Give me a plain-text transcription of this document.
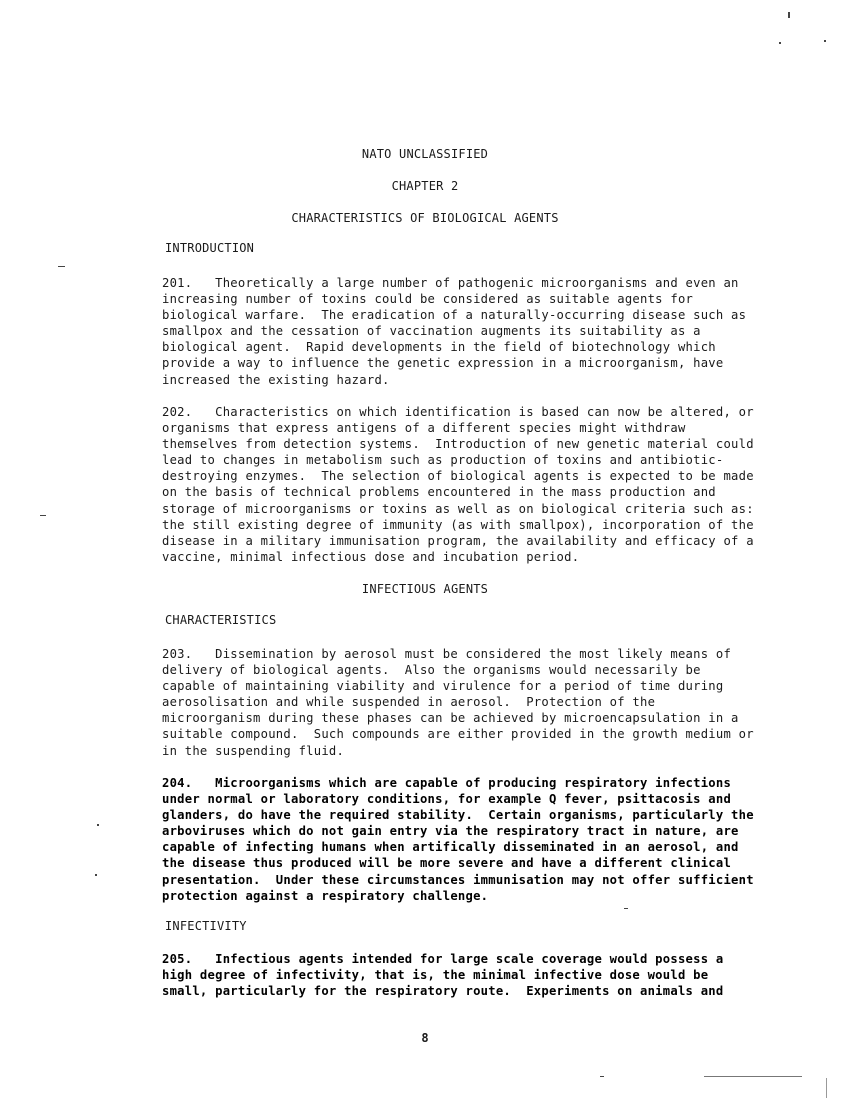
NATO UNCLASSIFIED
CHAPTER 2
CHARACTERISTICS OF BIOLOGICAL AGENTS
INTRODUCTION
201.   Theoretically a large number of pathogenic microorganisms and even an
increasing number of toxins could be considered as suitable agents for
biological warfare.  The eradication of a naturally-occurring disease such as
smallpox and the cessation of vaccination augments its suitability as a
biological agent.  Rapid developments in the field of biotechnology which
provide a way to influence the genetic expression in a microorganism, have
increased the existing hazard.
202.   Characteristics on which identification is based can now be altered, or
organisms that express antigens of a different species might withdraw
themselves from detection systems.  Introduction of new genetic material could
lead to changes in metabolism such as production of toxins and antibiotic-
destroying enzymes.  The selection of biological agents is expected to be made
on the basis of technical problems encountered in the mass production and
storage of microorganisms or toxins as well as on biological criteria such as:
the still existing degree of immunity (as with smallpox), incorporation of the
disease in a military immunisation program, the availability and efficacy of a
vaccine, minimal infectious dose and incubation period.
INFECTIOUS AGENTS
CHARACTERISTICS
203.   Dissemination by aerosol must be considered the most likely means of
delivery of biological agents.  Also the organisms would necessarily be
capable of maintaining viability and virulence for a period of time during
aerosolisation and while suspended in aerosol.  Protection of the
microorganism during these phases can be achieved by microencapsulation in a
suitable compound.  Such compounds are either provided in the growth medium or
in the suspending fluid.
204.   Microorganisms which are capable of producing respiratory infections
under normal or laboratory conditions, for example Q fever, psittacosis and
glanders, do have the required stability.  Certain organisms, particularly the
arboviruses which do not gain entry via the respiratory tract in nature, are
capable of infecting humans when artifically disseminated in an aerosol, and
the disease thus produced will be more severe and have a different clinical
presentation.  Under these circumstances immunisation may not offer sufficient
protection against a respiratory challenge.
INFECTIVITY
205.   Infectious agents intended for large scale coverage would possess a
high degree of infectivity, that is, the minimal infective dose would be
small, particularly for the respiratory route.  Experiments on animals and
8
